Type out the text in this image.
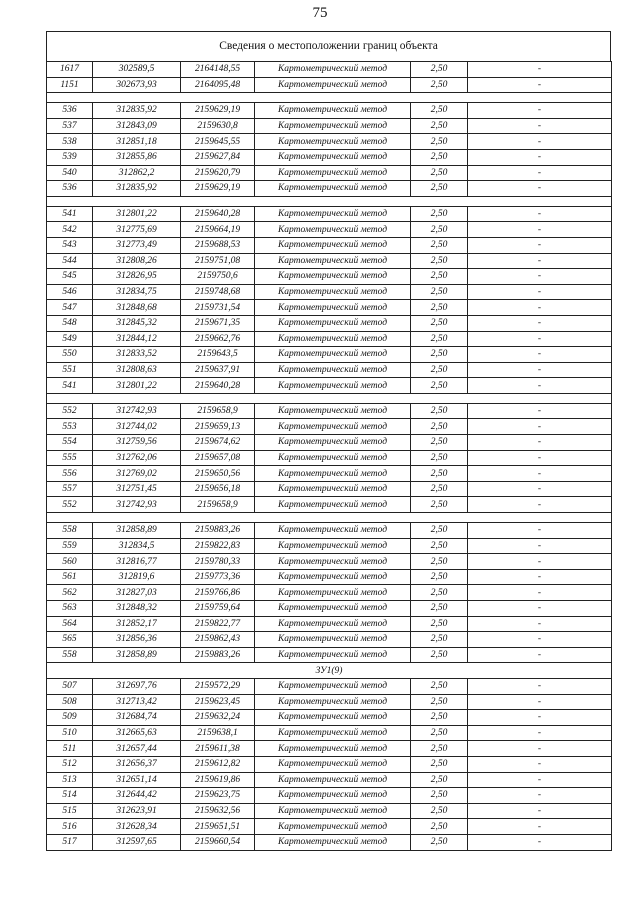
75
Сведения о местоположении границ объекта
1617	302589,5	2164148,55	Картометрический метод	2,50	-
1151	302673,93	2164095,48	Картометрический метод	2,50	-

536	312835,92	2159629,19	Картометрический метод	2,50	-
537	312843,09	2159630,8	Картометрический метод	2,50	-
538	312851,18	2159645,55	Картометрический метод	2,50	-
539	312855,86	2159627,84	Картометрический метод	2,50	-
540	312862,2	2159620,79	Картометрический метод	2,50	-
536	312835,92	2159629,19	Картометрический метод	2,50	-

541	312801,22	2159640,28	Картометрический метод	2,50	-
542	312775,69	2159664,19	Картометрический метод	2,50	-
543	312773,49	2159688,53	Картометрический метод	2,50	-
544	312808,26	2159751,08	Картометрический метод	2,50	-
545	312826,95	2159750,6	Картометрический метод	2,50	-
546	312834,75	2159748,68	Картометрический метод	2,50	-
547	312848,68	2159731,54	Картометрический метод	2,50	-
548	312845,32	2159671,35	Картометрический метод	2,50	-
549	312844,12	2159662,76	Картометрический метод	2,50	-
550	312833,52	2159643,5	Картометрический метод	2,50	-
551	312808,63	2159637,91	Картометрический метод	2,50	-
541	312801,22	2159640,28	Картометрический метод	2,50	-

552	312742,93	2159658,9	Картометрический метод	2,50	-
553	312744,02	2159659,13	Картометрический метод	2,50	-
554	312759,56	2159674,62	Картометрический метод	2,50	-
555	312762,06	2159657,08	Картометрический метод	2,50	-
556	312769,02	2159650,56	Картометрический метод	2,50	-
557	312751,45	2159656,18	Картометрический метод	2,50	-
552	312742,93	2159658,9	Картометрический метод	2,50	-

558	312858,89	2159883,26	Картометрический метод	2,50	-
559	312834,5	2159822,83	Картометрический метод	2,50	-
560	312816,77	2159780,33	Картометрический метод	2,50	-
561	312819,6	2159773,36	Картометрический метод	2,50	-
562	312827,03	2159766,86	Картометрический метод	2,50	-
563	312848,32	2159759,64	Картометрический метод	2,50	-
564	312852,17	2159822,77	Картометрический метод	2,50	-
565	312856,36	2159862,43	Картометрический метод	2,50	-
558	312858,89	2159883,26	Картометрический метод	2,50	-
ЗУ1(9)					
507	312697,76	2159572,29	Картометрический метод	2,50	-
508	312713,42	2159623,45	Картометрический метод	2,50	-
509	312684,74	2159632,24	Картометрический метод	2,50	-
510	312665,63	2159638,1	Картометрический метод	2,50	-
511	312657,44	2159611,38	Картометрический метод	2,50	-
512	312656,37	2159612,82	Картометрический метод	2,50	-
513	312651,14	2159619,86	Картометрический метод	2,50	-
514	312644,42	2159623,75	Картометрический метод	2,50	-
515	312623,91	2159632,56	Картометрический метод	2,50	-
516	312628,34	2159651,51	Картометрический метод	2,50	-
517	312597,65	2159660,54	Картометрический метод	2,50	-
